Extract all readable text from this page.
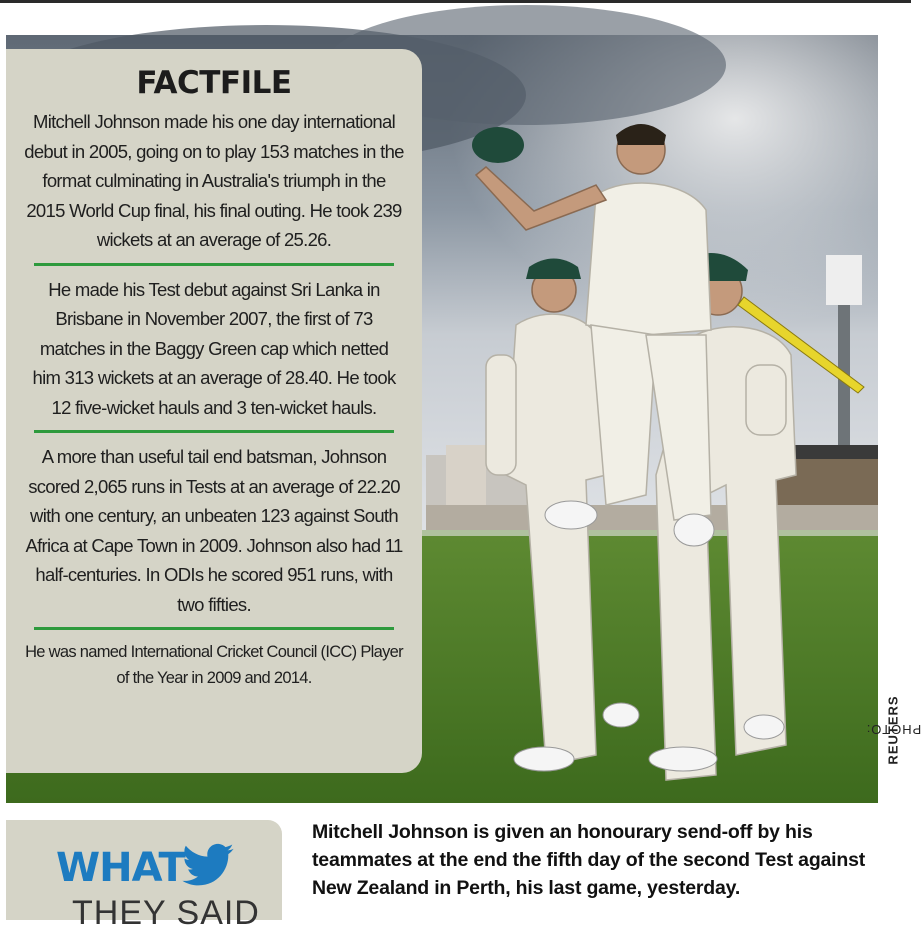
FACTFILE

Mitchell Johnson made his one day international debut in 2005, going on to play 153 matches in the format culminating in Australia's triumph in the 2015 World Cup final, his final outing. He took 239 wickets at an average of 25.26.

He made his Test debut against Sri Lanka in Brisbane in November 2007, the first of 73 matches in the Baggy Green cap which netted him 313 wickets at an average of 28.40. He took 12 five-wicket hauls and 3 ten-wicket hauls.

A more than useful tail end batsman, Johnson scored 2,065 runs in Tests at an average of 22.20 with one century, an unbeaten 123 against South Africa at Cape Town in 2009. Johnson also had 11 half-centuries. In ODIs he scored 951 runs, with two fifties.

He was named International Cricket Council (ICC) Player of the Year in 2009 and 2014.

PHOTO:
REUTERS
WHAT
THEY SAID
Mitchell Johnson is given an honourary send-off by his teammates at the end the fifth day of the second Test against New Zealand in Perth, his last game, yesterday.
